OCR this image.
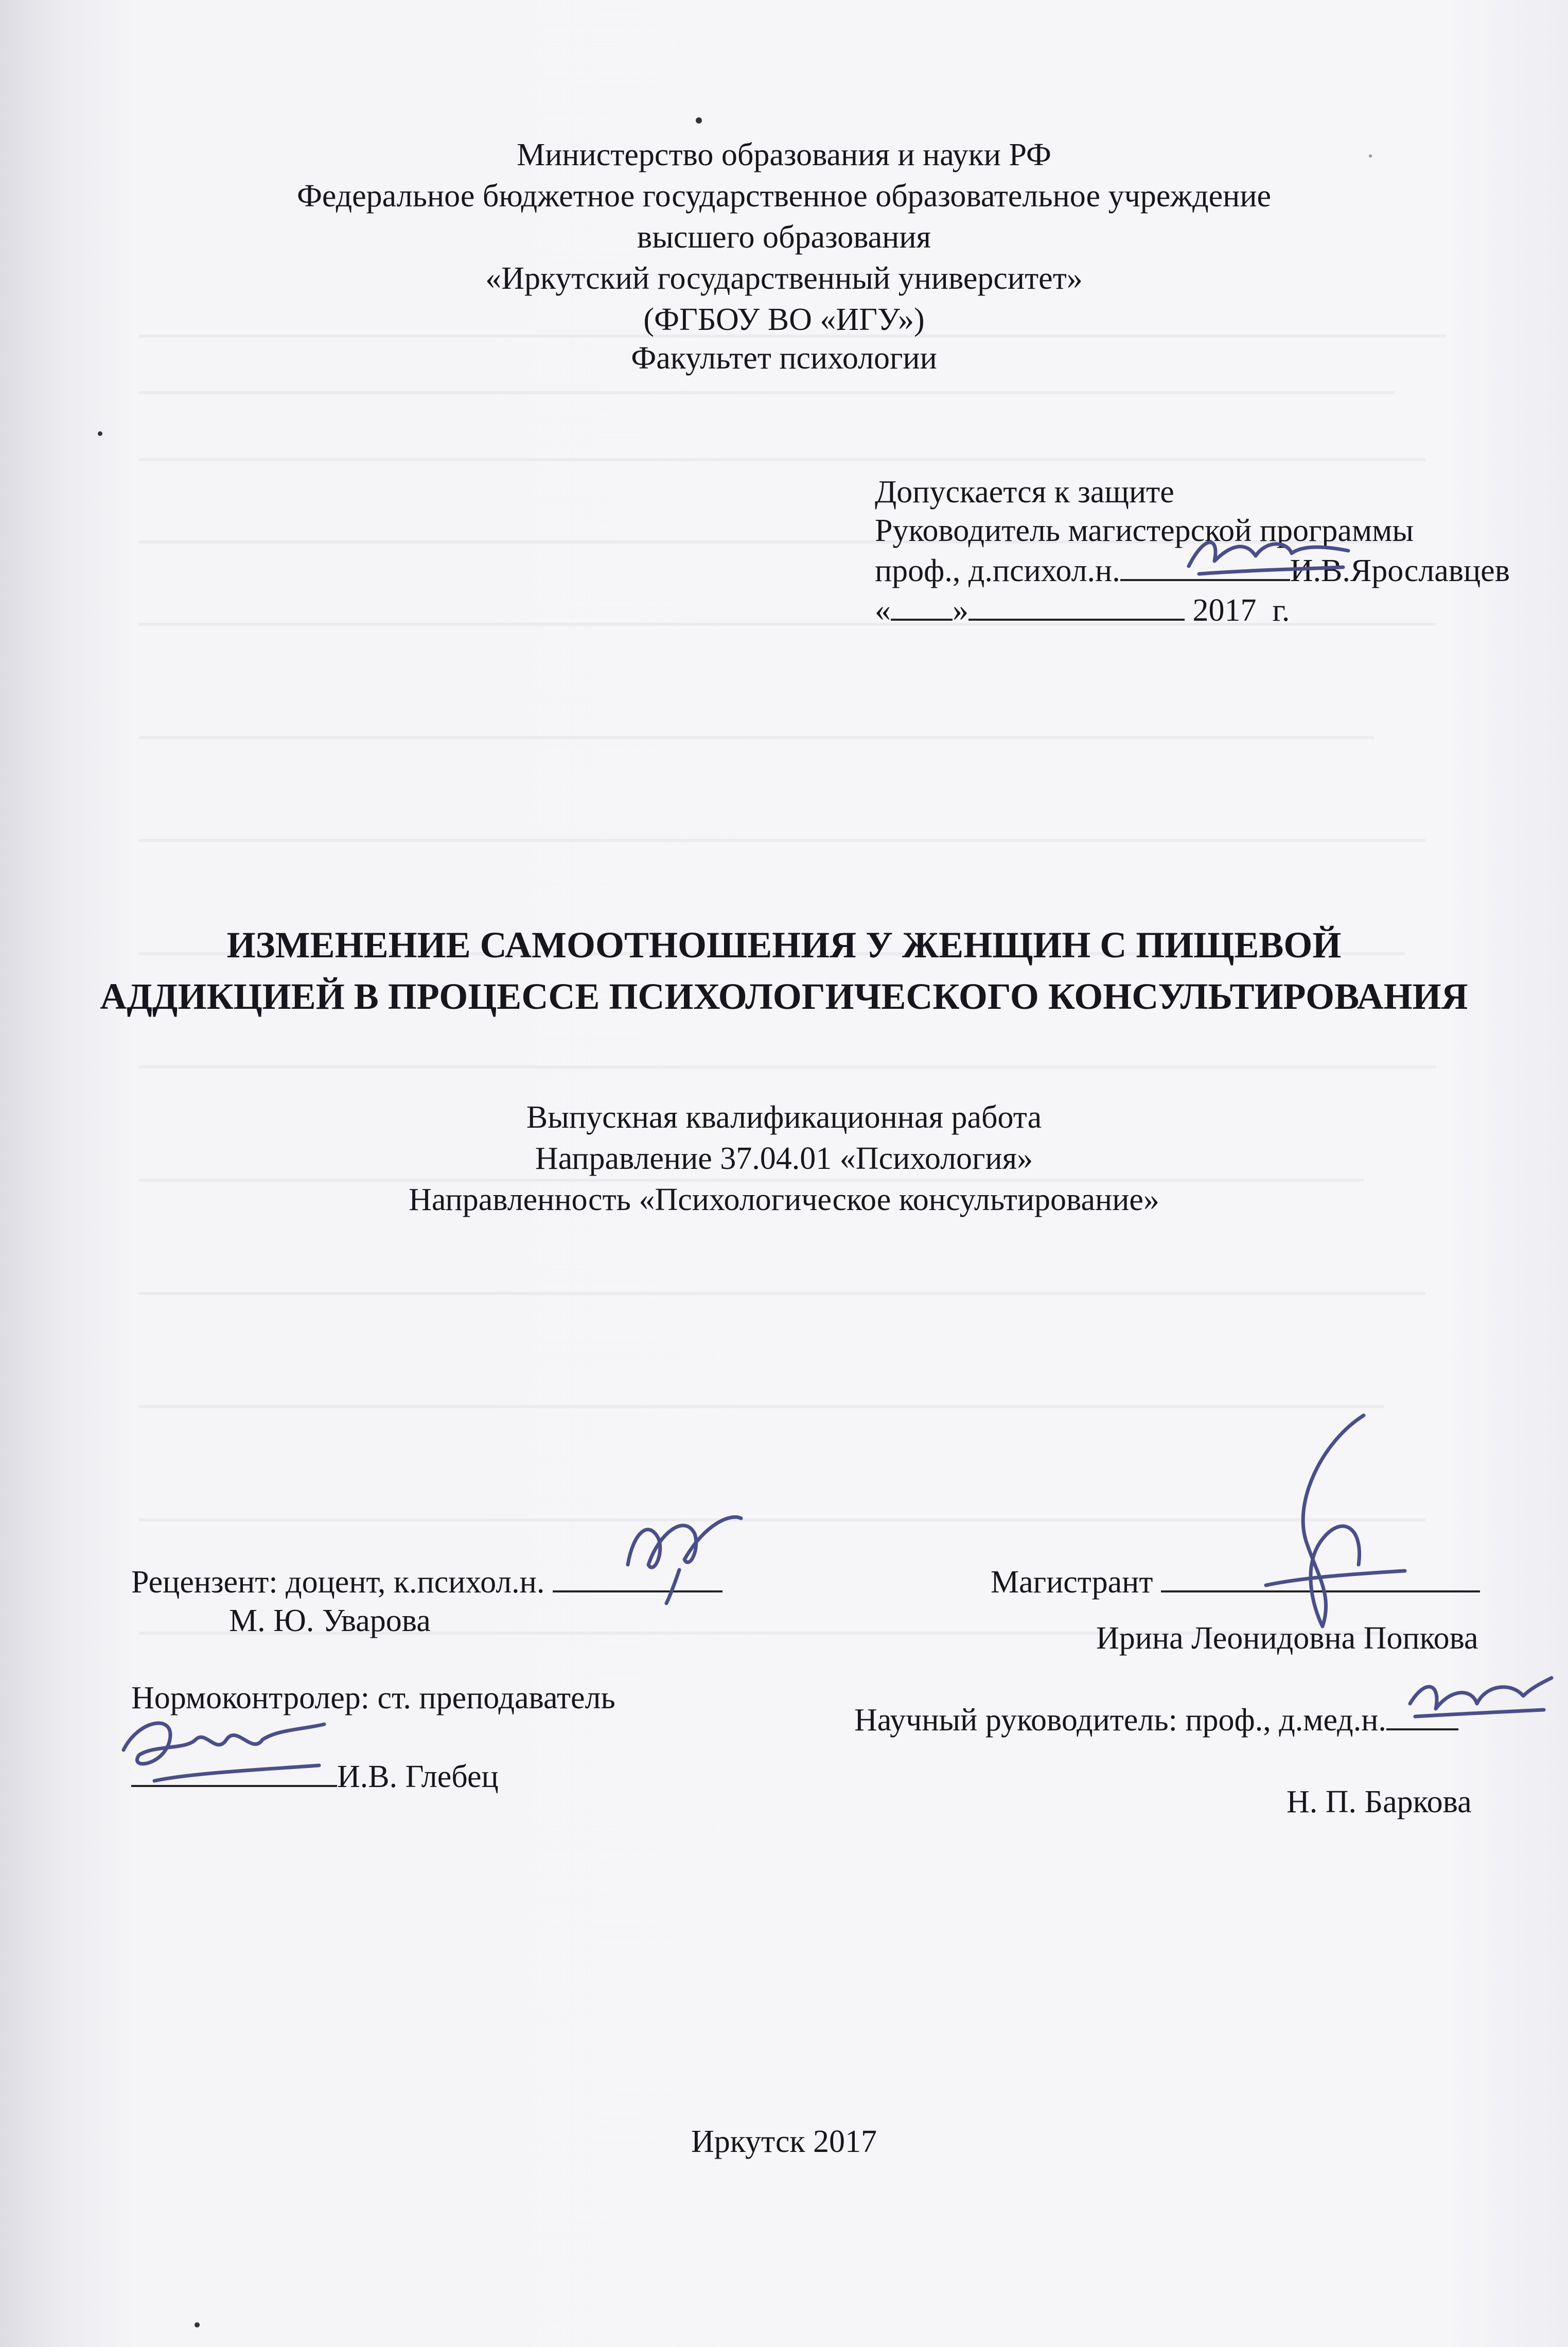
Министерство образования и науки РФ
Федеральное бюджетное государственное образовательное учреждение
высшего образования
«Иркутский государственный университет»
(ФГБОУ ВО «ИГУ»)
Факультет психологии
Допускается к защите
Руководитель магистерской программы
проф., д.психол.н.	И.В.Ярославцев
« »	2017 г.
ИЗМЕНЕНИЕ САМООТНОШЕНИЯ У ЖЕНЩИН С ПИЩЕВОЙ
АДДИКЦИЕЙ В ПРОЦЕССЕ ПСИХОЛОГИЧЕСКОГО КОНСУЛЬТИРОВАНИЯ
Выпускная квалификационная работа
Направление 37.04.01 «Психология»
Направленность «Психологическое консультирование»
Рецензент: доцент, к.психол.н.
М. Ю. Уварова
Нормоконтролер: ст. преподаватель
И.В. Глебец
Магистрант
Ирина Леонидовна Попкова
Научный руководитель: проф., д.мед.н.
Н. П. Баркова
Иркутск 2017
